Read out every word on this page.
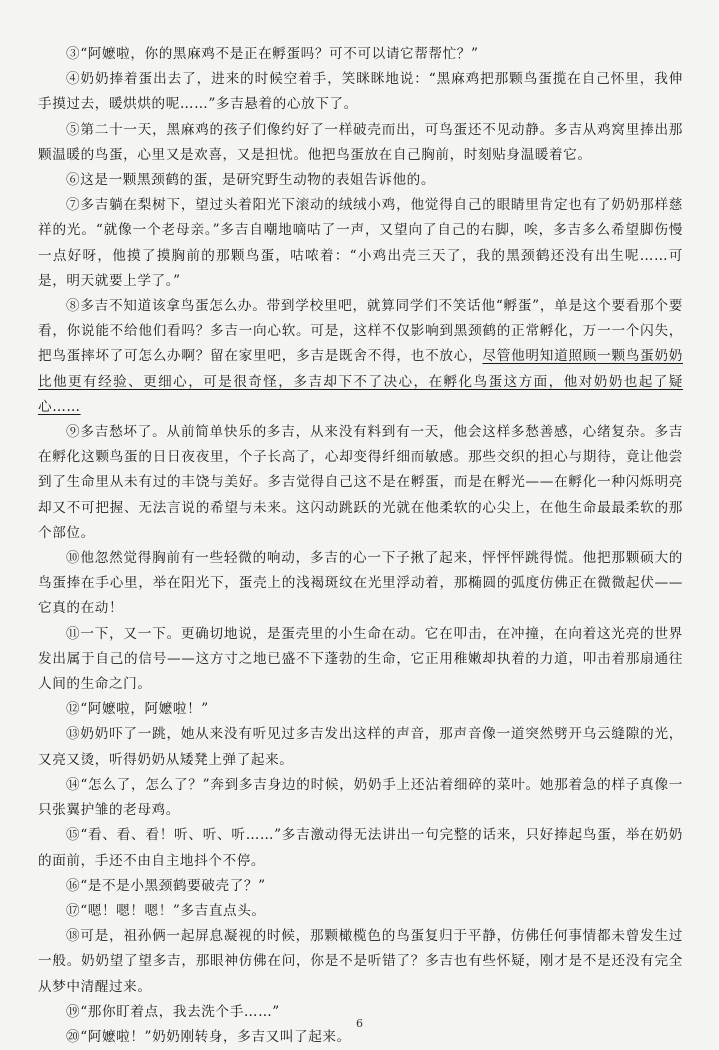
③“阿嬷啦，你的黑麻鸡不是正在孵蛋吗？可不可以请它帮帮忙？”

④奶奶捧着蛋出去了，进来的时候空着手，笑眯眯地说：“黑麻鸡把那颗鸟蛋揽在自己怀里，我伸手摸过去，暖烘烘的呢……”多吉悬着的心放下了。

⑤第二十一天，黑麻鸡的孩子们像约好了一样破壳而出，可鸟蛋还不见动静。多吉从鸡窝里捧出那颗温暖的鸟蛋，心里又是欢喜，又是担忧。他把鸟蛋放在自己胸前，时刻贴身温暖着它。

⑥这是一颗黑颈鹤的蛋，是研究野生动物的表姐告诉他的。

⑦多吉躺在梨树下，望过头着阳光下滚动的绒绒小鸡，他觉得自己的眼睛里肯定也有了奶奶那样慈祥的光。“就像一个老母亲。”多吉自嘲地嘀咕了一声，又望向了自己的右脚，唉，多吉多么希望脚伤慢一点好呀，他摸了摸胸前的那颗鸟蛋，咕哝着：“小鸡出壳三天了，我的黑颈鹤还没有出生呢……可是，明天就要上学了。”

⑧多吉不知道该拿鸟蛋怎么办。带到学校里吧，就算同学们不笑话他“孵蛋”，单是这个要看那个要看，你说能不给他们看吗？多吉一向心软。可是，这样不仅影响到黑颈鹤的正常孵化，万一一个闪失，把鸟蛋摔坏了可怎么办啊？留在家里吧，多吉是既舍不得，也不放心，尽管他明知道照顾一颗鸟蛋奶奶比他更有经验、更细心，可是很奇怪，多吉却下不了决心，在孵化鸟蛋这方面，他对奶奶也起了疑心……

⑨多吉愁坏了。从前简单快乐的多吉，从来没有料到有一天，他会这样多愁善感，心绪复杂。多吉在孵化这颗鸟蛋的日日夜夜里，个子长高了，心却变得纤细而敏感。那些交织的担心与期待，竟让他尝到了生命里从未有过的丰饶与美好。多吉觉得自己这不是在孵蛋，而是在孵光——在孵化一种闪烁明亮却又不可把握、无法言说的希望与未来。这闪动跳跃的光就在他柔软的心尖上，在他生命最最柔软的那个部位。

⑩他忽然觉得胸前有一些轻微的响动，多吉的心一下子揪了起来，怦怦怦跳得慌。他把那颗硕大的鸟蛋捧在手心里，举在阳光下，蛋壳上的浅褐斑纹在光里浮动着，那椭圆的弧度仿佛正在微微起伏——它真的在动！

⑪一下，又一下。更确切地说，是蛋壳里的小生命在动。它在叩击，在冲撞，在向着这光亮的世界发出属于自己的信号——这方寸之地已盛不下蓬勃的生命，它正用稚嫩却执着的力道，叩击着那扇通往人间的生命之门。

⑫“阿嬷啦，阿嬷啦！”

⑬奶奶吓了一跳，她从来没有听见过多吉发出这样的声音，那声音像一道突然劈开乌云缝隙的光，又亮又烫，听得奶奶从矮凳上弹了起来。

⑭“怎么了，怎么了？”奔到多吉身边的时候，奶奶手上还沾着细碎的菜叶。她那着急的样子真像一只张翼护雏的老母鸡。

⑮“看、看、看！听、听、听……”多吉激动得无法讲出一句完整的话来，只好捧起鸟蛋，举在奶奶的面前，手还不由自主地抖个不停。

⑯“是不是小黑颈鹤要破壳了？”

⑰“嗯！嗯！嗯！”多吉直点头。

⑱可是，祖孙俩一起屏息凝视的时候，那颗橄榄色的鸟蛋复归于平静，仿佛任何事情都未曾发生过一般。奶奶望了望多吉，那眼神仿佛在问，你是不是听错了？多吉也有些怀疑，刚才是不是还没有完全从梦中清醒过来。

⑲“那你盯着点，我去洗个手……”

⑳“阿嬷啦！”奶奶刚转身，多吉又叫了起来。

6
